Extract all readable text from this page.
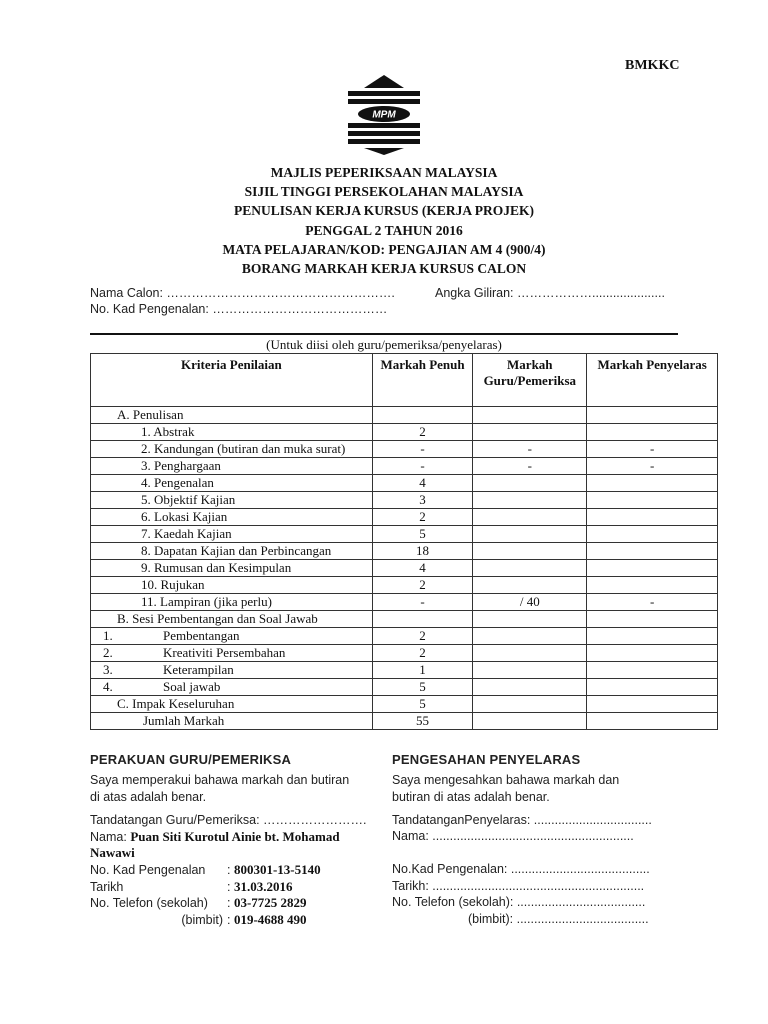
BMKKC
MPM
MAJLIS PEPERIKSAAN MALAYSIA
SIJIL TINGGI PERSEKOLAHAN MALAYSIA
PENULISAN KERJA KURSUS (KERJA PROJEK)
PENGGAL 2 TAHUN 2016
MATA PELAJARAN/KOD: PENGAJIAN AM 4 (900/4)
BORANG MARKAH KERJA KURSUS CALON
Nama Calon: ……………………………………………….	Angka Giliran: ……………….....................
No. Kad Pengenalan: ……………………………………
(Untuk diisi oleh guru/pemeriksa/penyelaras)
Kriteria Penilaian	Markah Penuh	Markah Guru/Pemeriksa	Markah Penyelaras
A. Penulisan			
1. Abstrak	2		
2. Kandungan (butiran dan muka surat)	-	-	-
3. Penghargaan	-	-	-
4. Pengenalan	4		
5. Objektif Kajian	3		
6. Lokasi Kajian	2		
7. Kaedah Kajian	5		
8. Dapatan Kajian dan Perbincangan	18		
9. Rumusan dan Kesimpulan	4		
10. Rujukan	2		
11. Lampiran (jika perlu)	-	/ 40	-
B. Sesi Pembentangan dan Soal Jawab			
1. Pembentangan	2		
2. Kreativiti Persembahan	2		
3. Keterampilan	1		
4. Soal jawab	5		
C. Impak Keseluruhan	5		
Jumlah Markah	55		
PERAKUAN GURU/PEMERIKSA
Saya memperakui bahawa markah dan butiran di atas adalah benar.
Tandatangan Guru/Pemeriksa: …………………….
Nama: Puan Siti Kurotul Ainie bt. Mohamad Nawawi
No. Kad Pengenalan : 800301-13-5140
Tarikh	: 31.03.2016
No. Telefon (sekolah) : 03-7725 2829
(bimbit) : 019-4688 490
PENGESAHAN PENYELARAS
Saya mengesahkan bahawa markah dan butiran di atas adalah benar.
TandatanganPenyelaras: ..................................
Nama: ..........................................................
No.Kad Pengenalan: ........................................
Tarikh: .............................................................
No. Telefon (sekolah): .....................................
(bimbit): ......................................
